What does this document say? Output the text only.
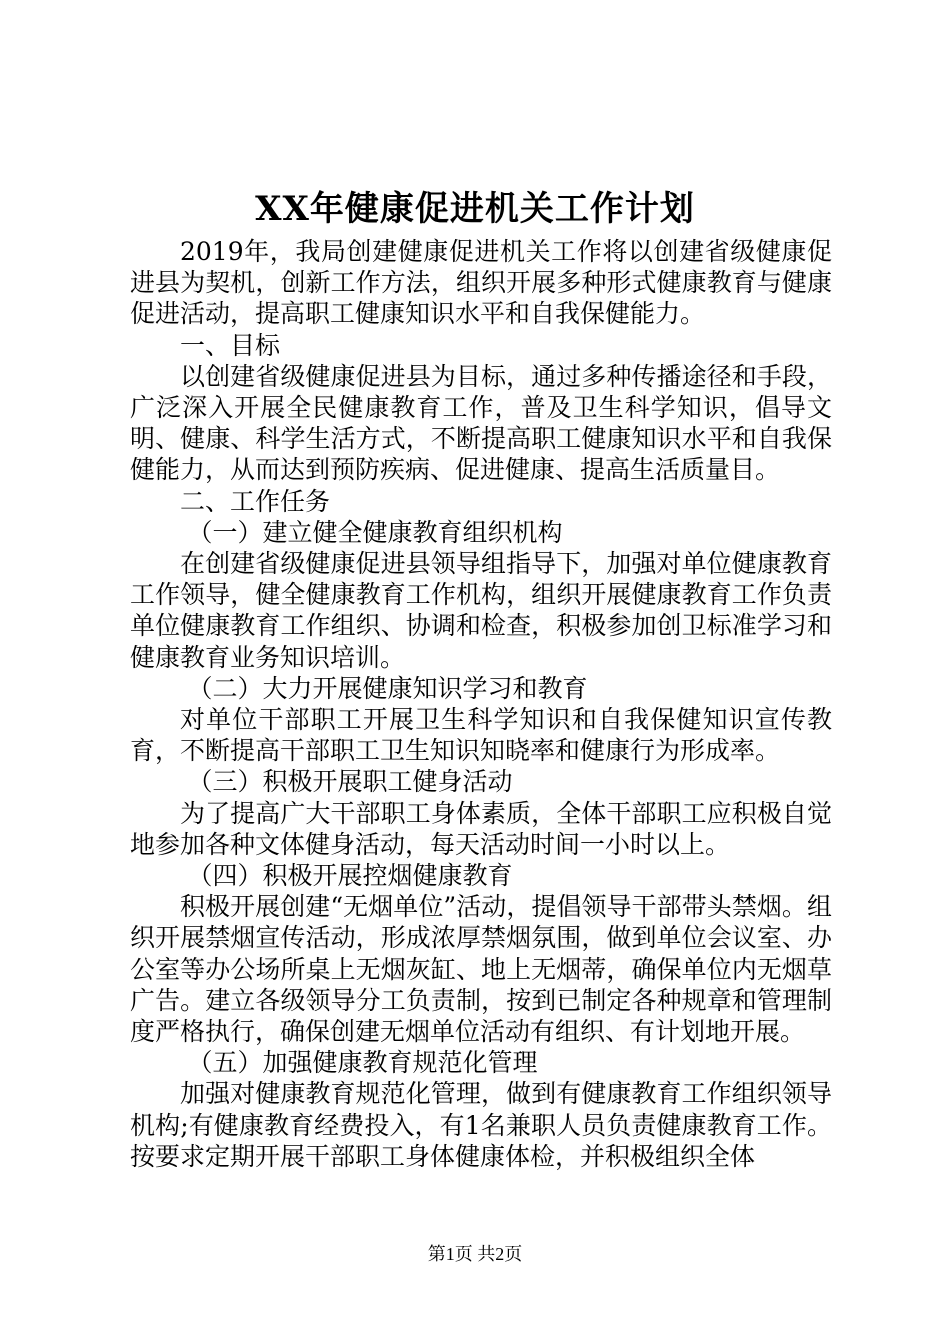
XX年健康促进机关工作计划

2019年，我局创建健康促进机关工作将以创建省级健康促进县为契机，创新工作方法，组织开展多种形式健康教育与健康促进活动，提高职工健康知识水平和自我保健能力。

一、目标

以创建省级健康促进县为目标，通过多种传播途径和手段，广泛深入开展全民健康教育工作，普及卫生科学知识，倡导文明、健康、科学生活方式，不断提高职工健康知识水平和自我保健能力，从而达到预防疾病、促进健康、提高生活质量目。

二、工作任务

（一）建立健全健康教育组织机构

在创建省级健康促进县领导组指导下，加强对单位健康教育工作领导，健全健康教育工作机构，组织开展健康教育工作负责单位健康教育工作组织、协调和检查，积极参加创卫标准学习和健康教育业务知识培训。

（二）大力开展健康知识学习和教育

对单位干部职工开展卫生科学知识和自我保健知识宣传教育，不断提高干部职工卫生知识知晓率和健康行为形成率。

（三）积极开展职工健身活动

为了提高广大干部职工身体素质，全体干部职工应积极自觉地参加各种文体健身活动，每天活动时间一小时以上。

（四）积极开展控烟健康教育

积极开展创建“无烟单位”活动，提倡领导干部带头禁烟。组织开展禁烟宣传活动，形成浓厚禁烟氛围，做到单位会议室、办公室等办公场所桌上无烟灰缸、地上无烟蒂，确保单位内无烟草广告。建立各级领导分工负责制，按到已制定各种规章和管理制度严格执行，确保创建无烟单位活动有组织、有计划地开展。

（五）加强健康教育规范化管理

加强对健康教育规范化管理，做到有健康教育工作组织领导机构;有健康教育经费投入，有1名兼职人员负责健康教育工作。按要求定期开展干部职工身体健康体检，并积极组织全体

第1页 共2页
